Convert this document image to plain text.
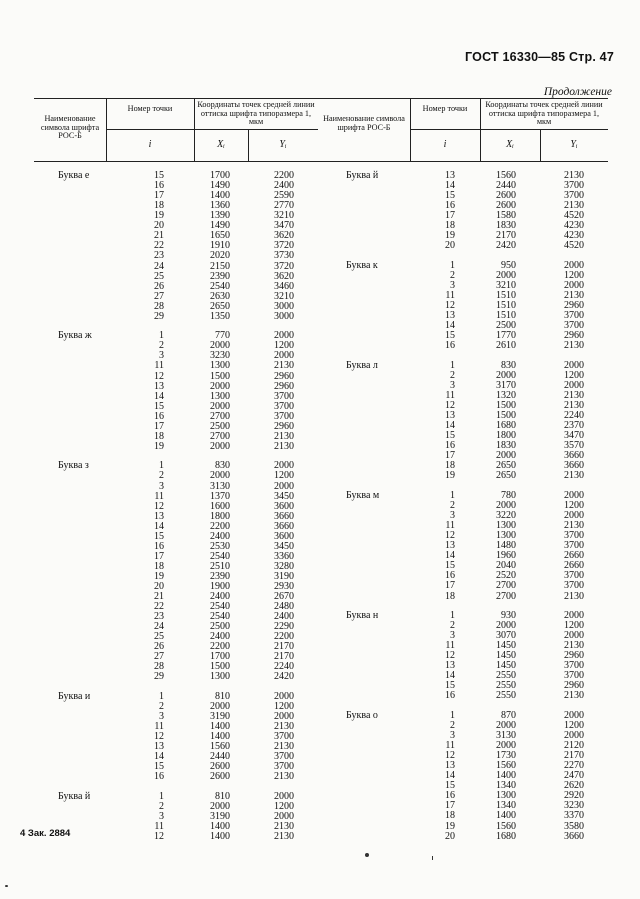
ГОСТ 16330—85 Стр. 47
Продолжение
Наименование символа шрифта РОС-Б
Номер точки	Координаты точек средней линии оттиска шрифта типоразмера 1, мкм
i	Xᵢ	Yᵢ
Буква е	15	1700	2200
16	1490	2400
17	1400	2590
18	1360	2770
19	1390	3210
20	1490	3470
21	1650	3620
22	1910	3720
23	2020	3730
24	2150	3720
25	2390	3620
26	2540	3460
27	2630	3210
28	2650	3000
29	1350	3000
Буква ж	1	770	2000
2	2000	1200
3	3230	2000
11	1300	2130
12	1500	2960
13	2000	2960
14	1300	3700
15	2000	3700
16	2700	3700
17	2500	2960
18	2700	2130
19	2000	2130
Буква з	1	830	2000
2	2000	1200
3	3130	2000
11	1370	3450
12	1600	3600
13	1800	3660
14	2200	3660
15	2400	3600
16	2530	3450
17	2540	3360
18	2510	3280
19	2390	3190
20	1900	2930
21	2400	2670
22	2540	2480
23	2540	2400
24	2500	2290
25	2400	2200
26	2200	2170
27	1700	2170
28	1500	2240
29	1300	2420
Буква и	1	810	2000
2	2000	1200
3	3190	2000
11	1400	2130
12	1400	3700
13	1560	2130
14	2440	3700
15	2600	3700
16	2600	2130
Буква й	1	810	2000
2	2000	1200
3	3190	2000
11	1400	2130
12	1400	2130
Наименование символа шрифта РОС-Б
Номер точки	Координаты точек средней линии оттиска шрифта типоразмера 1, мкм
i	Xᵢ	Yᵢ
Буква й	13	1560	2130
14	2440	3700
15	2600	3700
16	2600	2130
17	1580	4520
18	1830	4230
19	2170	4230
20	2420	4520
Буква к	1	950	2000
2	2000	1200
3	3210	2000
11	1510	2130
12	1510	2960
13	1510	3700
14	2500	3700
15	1770	2960
16	2610	2130
Буква л	1	830	2000
2	2000	1200
3	3170	2000
11	1320	2130
12	1500	2130
13	1500	2240
14	1680	2370
15	1800	3470
16	1830	3570
17	2000	3660
18	2650	3660
19	2650	2130
Буква м	1	780	2000
2	2000	1200
3	3220	2000
11	1300	2130
12	1300	3700
13	1480	3700
14	1960	2660
15	2040	2660
16	2520	3700
17	2700	3700
18	2700	2130
Буква н	1	930	2000
2	2000	1200
3	3070	2000
11	1450	2130
12	1450	2960
13	1450	3700
14	2550	3700
15	2550	2960
16	2550	2130
Буква о	1	870	2000
2	2000	1200
3	3130	2000
11	2000	2120
12	1730	2170
13	1560	2270
14	1400	2470
15	1340	2620
16	1300	2920
17	1340	3230
18	1400	3370
19	1560	3580
20	1680	3660
4 Зак. 2884
